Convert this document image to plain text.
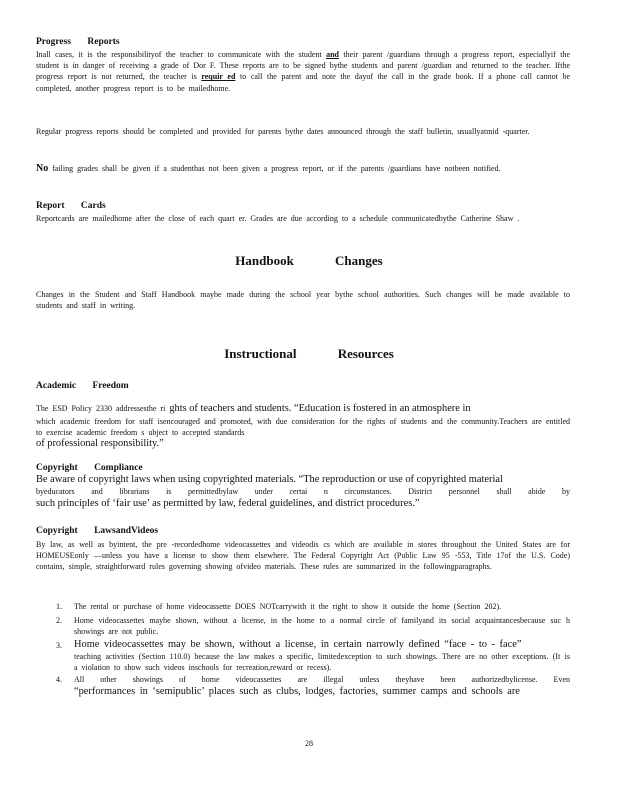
Progress Reports

Inall cases, it is the responsibilityof the teacher to communicate with the student and their parent /guardians through a progress report, especiallyif the student is in danger of receiving a grade of Dor F. These reports are to be signed bythe students and parent /guardian and returned to the teacher. Ifthe progress report is not returned, the teacher is requir ed to call the parent and note the dayof the call in the grade book. If a phone call cannot be completed, another progress report is to be mailedhome.

Regular progress reports should be completed and provided for parents bythe dates announced through the staff bulletin, usuallyatmid -quarter.

No failing grades shall be given if a studenthas not been given a progress report, or if the parents /guardians have notbeen notified.

Report Cards

Reportcards are mailedhome after the close of each quart er. Grades are due according to a schedule communicatedbythe Catherine Shaw .

Handbook Changes

Changes in the Student and Staff Handbook maybe made during the school year bythe school authorities. Such changes will be made available to students and staff in writing.

Instructional Resources
Academic Freedom

The ESD Policy 2330 addressesthe ri ghts of teachers and students. “Education is fostered in an atmosphere in
which academic freedom for staff isencouraged and promoted, with due consideration for the rights of students and the community.Teachers are entitled to exercise academic freedom s ubject to accepted standards
of professional responsibility.”

Copyright Compliance

Be aware of copyright laws when using copyrighted materials. “The reproduction or use of copyrighted material
byeducators and librarians is permittedbylaw under certai n circumstances. District personnel shall abide by
such principles of ‘fair use’ as permitted by law, federal guidelines, and district procedures.”

Copyright LawsandVideos

By law, as well as byintent, the pre -recordedhome videocassettes and videodis cs which are available in stores throughout the United States are for HOMEUSEonly —unless you have a license to show them elsewhere. The Federal Copyright Act (Public Law 95 -553, Title 17of the U.S. Code) contains, simple, straightforward rules governing showing ofvideo materials. These rules are summarized in the followingparagraphs.

1. The rental or purchase of home videocassette DOES NOTcarrywith it the right to show it outside the home (Section 202).
2. Home videocassettes maybe shown, without a license, in the home to a normal circle of familyand its social acquaintancesbecause suc h showings are not public.
3. Home videocassettes may be shown, without a license, in certain narrowly defined “face - to - face”
teaching activities (Section 110.0) because the law makes a specific, limitedexception to such showings. There are no other exceptions. (It is a violation to show such videos inschools for recreation,reward or recess).
4. All other showings of home videocassettes are illegal unless theyhave been authorizedbylicense. Even
“performances in ‘semipublic’ places such as clubs, lodges, factories, summer camps and schools are
28
